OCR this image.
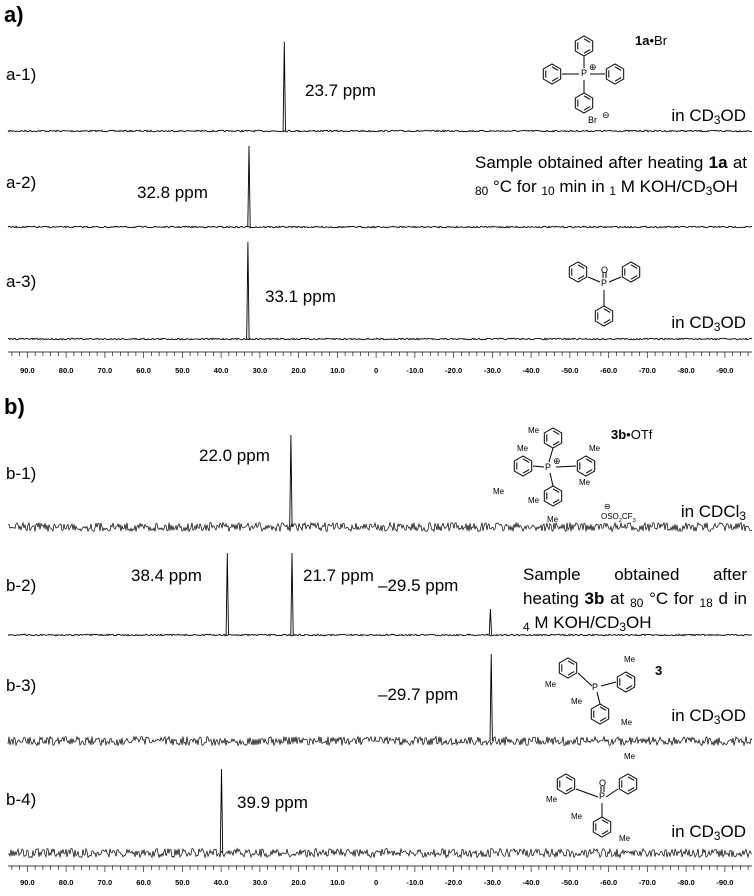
90.0	80.0	70.0	60.0	50.0	40.0	30.0	20.0	10.0	0	-10.0	-20.0	-30.0	-40.0	-50.0	-60.0	-70.0	-80.0	-90.0
90.0	80.0	70.0	60.0	50.0	40.0	30.0	20.0	10.0	0	-10.0	-20.0	-30.0	-40.0	-50.0	-60.0	-70.0	-80.0	-90.0
a)
b)
a-1)
a-2)
a-3)
b-1)
b-2)
b-3)
b-4)
23.7 ppm
32.8 ppm
33.1 ppm
22.0 ppm
38.4 ppm	21.7 ppm
–29.5 ppm
–29.7 ppm
39.9 ppm
in $CD_3OD$
in $CD_3OD$
in CDCl$_3$
in $CD_3OD$
in $CD_3OD$
Sample obtained after heating 1a at $_{80}$ °C for $_{10}$ min in $_1$ M KOH/$CD_3OH$
Sample obtained after heating 3b at $_{80}$ °C for $_{18}$ d in $_4$ M KOH/$CD_3OH$
1a•Br
3b•OTf
3
P
⊕
Br ⊖
P
O
P
⊕
Me
Me	Me
Me
Me
Me
Me
⊖
$OSO_2CF_3$
P
Me
Me
Me
Me
P
O
Me
Me
Me
Me
